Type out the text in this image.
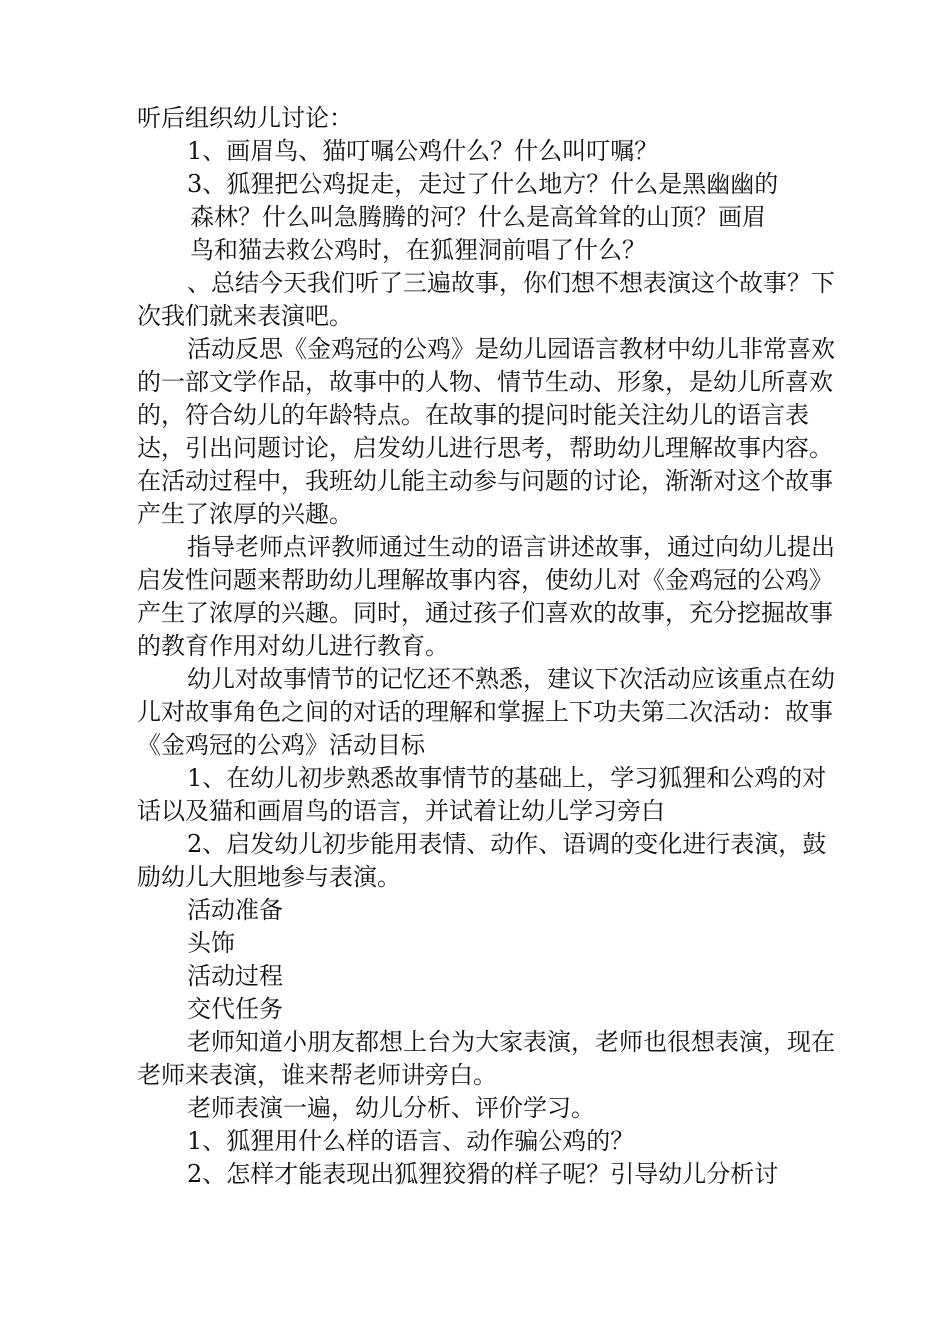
听后组织幼儿讨论：

1、画眉鸟、猫叮嘱公鸡什么？什么叫叮嘱？

3、狐狸把公鸡捉走，走过了什么地方？什么是黑幽幽的
森林？什么叫急腾腾的河？什么是高耸耸的山顶？画眉
鸟和猫去救公鸡时，在狐狸洞前唱了什么？

、总结今天我们听了三遍故事，你们想不想表演这个故事？下次我们就来表演吧。

活动反思《金鸡冠的公鸡》是幼儿园语言教材中幼儿非常喜欢的一部文学作品，故事中的人物、情节生动、形象，是幼儿所喜欢的，符合幼儿的年龄特点。在故事的提问时能关注幼儿的语言表达，引出问题讨论，启发幼儿进行思考，帮助幼儿理解故事内容。在活动过程中，我班幼儿能主动参与问题的讨论，渐渐对这个故事产生了浓厚的兴趣。

指导老师点评教师通过生动的语言讲述故事，通过向幼儿提出启发性问题来帮助幼儿理解故事内容，使幼儿对《金鸡冠的公鸡》产生了浓厚的兴趣。同时，通过孩子们喜欢的故事，充分挖掘故事的教育作用对幼儿进行教育。

幼儿对故事情节的记忆还不熟悉，建议下次活动应该重点在幼儿对故事角色之间的对话的理解和掌握上下功夫第二次活动：故事《金鸡冠的公鸡》活动目标

1、在幼儿初步熟悉故事情节的基础上，学习狐狸和公鸡的对话以及猫和画眉鸟的语言，并试着让幼儿学习旁白

2、启发幼儿初步能用表情、动作、语调的变化进行表演，鼓励幼儿大胆地参与表演。

活动准备

头饰

活动过程

交代任务

老师知道小朋友都想上台为大家表演，老师也很想表演，现在老师来表演，谁来帮老师讲旁白。

老师表演一遍，幼儿分析、评价学习。

1、狐狸用什么样的语言、动作骗公鸡的？

2、怎样才能表现出狐狸狡猾的样子呢？引导幼儿分析讨
